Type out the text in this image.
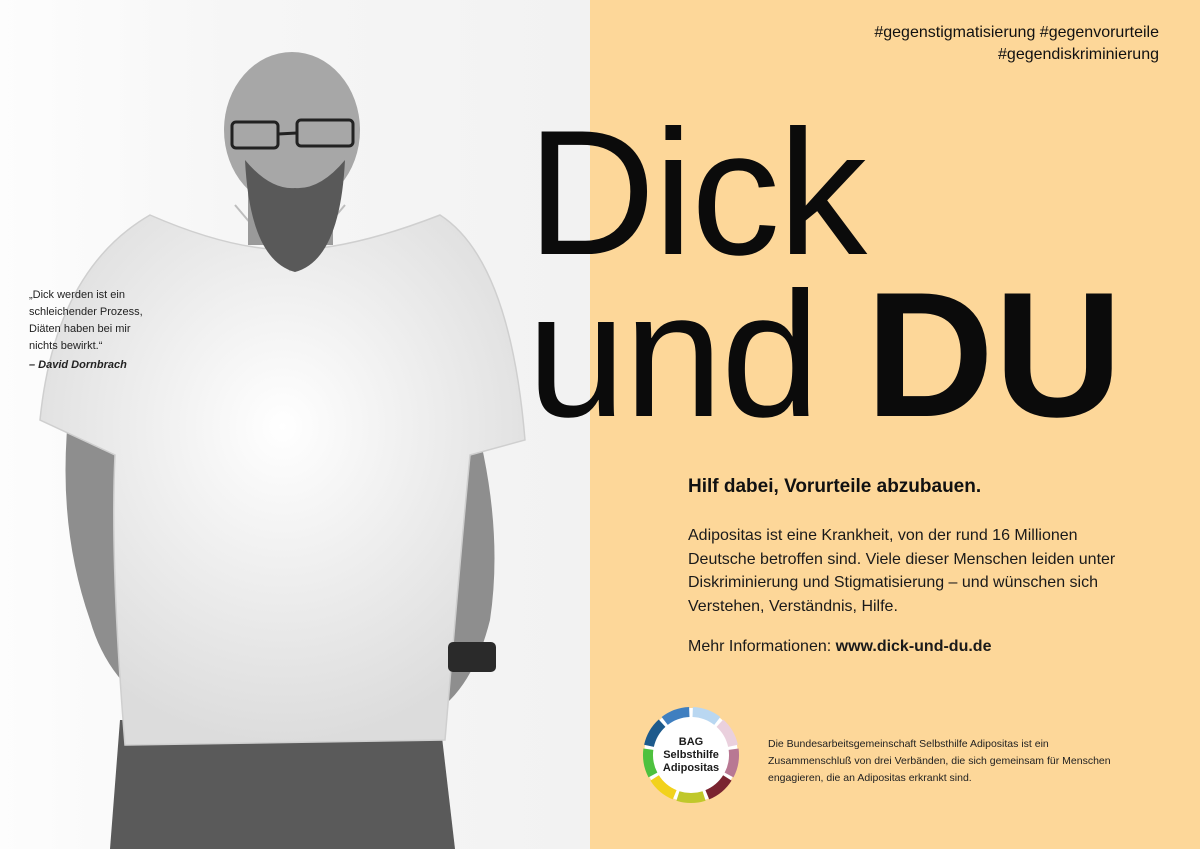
„Dick werden ist ein
schleichender Prozess,
Diäten haben bei mir
nichts bewirkt.“
– David Dornbrach
#gegenstigmatisierung #gegenvorurteile
#gegendiskriminierung
Dick
und DU
Hilf dabei, Vorurteile abzubauen.
Adipositas ist eine Krankheit, von der rund 16 Millionen
Deutsche betroffen sind. Viele dieser Menschen leiden unter
Diskriminierung und Stigmatisierung – und wünschen sich
Verstehen, Verständnis, Hilfe.
Mehr Informationen: www.dick-und-du.de
BAG
Selbsthilfe
Adipositas
Die Bundesarbeitsgemeinschaft Selbsthilfe Adipositas ist ein
Zusammenschluß von drei Verbänden, die sich gemeinsam für Menschen
engagieren, die an Adipositas erkrankt sind.
